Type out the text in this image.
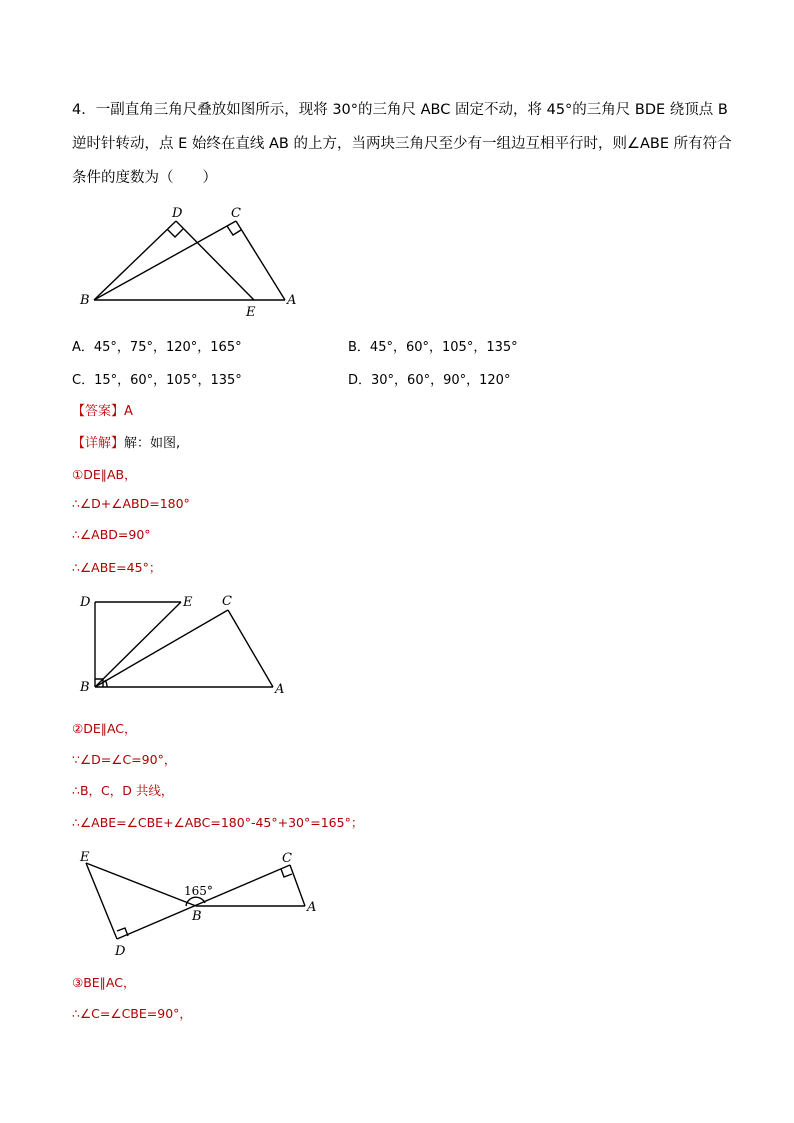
4．一副直角三角尺叠放如图所示，现将 30°的三角尺 ABC 固定不动，将 45°的三角尺 BDE 绕顶点 B 逆时针转动，点 E 始终在直线 AB 的上方，当两块三角尺至少有一组边互相平行时，则∠ABE 所有符合条件的度数为（　　）
D	C
B
E
A
A．45°，75°，120°，165°	B．45°，60°，105°，135°
C．15°，60°，105°，135°	D．30°，60°，90°，120°
【答案】A
【详解】解：如图,
①DE∥AB，
∴∠D+∠ABD=180°
∴∠ABD=90°
∴∠ABE=45°；
D	E C
B	A
②DE∥AC，
∵∠D=∠C=90°，
∴B，C，D 共线，
∴∠ABE=∠CBE+∠ABC=180°-45°+30°=165°；
E	C
165°
B
A
D
③BE∥AC，
∴∠C=∠CBE=90°，
